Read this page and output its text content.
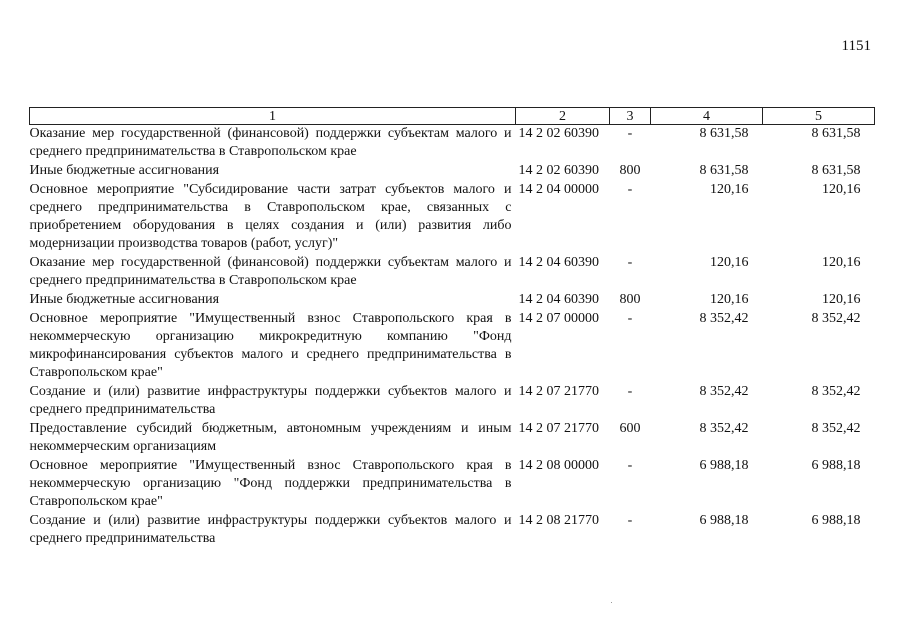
1151
1	2	3	4	5
Оказание мер государственной (финансовой) поддержки субъектам малого и среднего предпринимательства в Ставропольском крае	14 2 02 60390	-	8 631,58	8 631,58
Иные бюджетные ассигнования	14 2 02 60390	800	8 631,58	8 631,58
Основное мероприятие "Субсидирование части затрат субъектов малого и среднего предпринимательства в Ставропольском крае, связанных с приобретением оборудования в целях создания и (или) развития либо модернизации производства товаров (работ, услуг)"	14 2 04 00000	-	120,16	120,16
Оказание мер государственной (финансовой) поддержки субъектам малого и среднего предпринимательства в Ставропольском крае	14 2 04 60390	-	120,16	120,16
Иные бюджетные ассигнования	14 2 04 60390	800	120,16	120,16
Основное мероприятие "Имущественный взнос Ставропольского края в некоммерческую организацию микрокредитную компанию "Фонд микрофинансирования субъектов малого и среднего предпринимательства в Ставропольском крае"	14 2 07 00000	-	8 352,42	8 352,42
Создание и (или) развитие инфраструктуры поддержки субъектов малого и среднего предпринимательства	14 2 07 21770	-	8 352,42	8 352,42
Предоставление субсидий бюджетным, автономным учреждениям и иным некоммерческим организациям	14 2 07 21770	600	8 352,42	8 352,42
Основное мероприятие "Имущественный взнос Ставропольского края в некоммерческую организацию "Фонд поддержки предпринимательства в Ставропольском крае"	14 2 08 00000	-	6 988,18	6 988,18
Создание и (или) развитие инфраструктуры поддержки субъектов малого и среднего предпринимательства	14 2 08 21770	-	6 988,18	6 988,18
